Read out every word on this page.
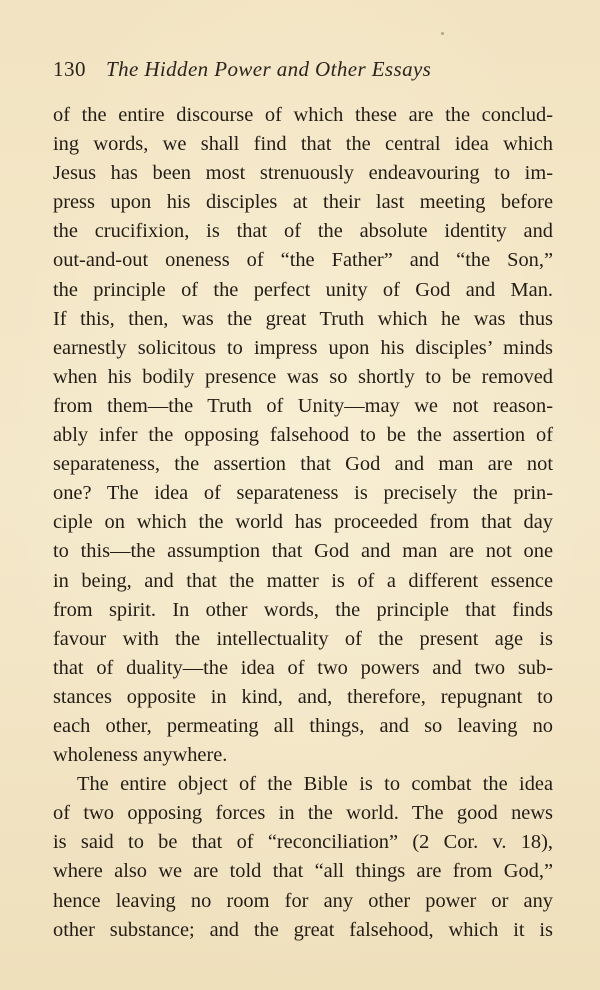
130 The Hidden Power and Other Essays
of the entire discourse of which these are the conclud-
ing words, we shall find that the central idea which
Jesus has been most strenuously endeavouring to im-
press upon his disciples at their last meeting before
the crucifixion, is that of the absolute identity and
out-and-out oneness of “the Father” and “the Son,”
the principle of the perfect unity of God and Man.
If this, then, was the great Truth which he was thus
earnestly solicitous to impress upon his disciples’ minds
when his bodily presence was so shortly to be removed
from them—the Truth of Unity—may we not reason-
ably infer the opposing falsehood to be the assertion of
separateness, the assertion that God and man are not
one? The idea of separateness is precisely the prin-
ciple on which the world has proceeded from that day
to this—the assumption that God and man are not one
in being, and that the matter is of a different essence
from spirit. In other words, the principle that finds
favour with the intellectuality of the present age is
that of duality—the idea of two powers and two sub-
stances opposite in kind, and, therefore, repugnant to
each other, permeating all things, and so leaving no
wholeness anywhere.
The entire object of the Bible is to combat the idea
of two opposing forces in the world. The good news
is said to be that of “reconciliation” (2 Cor. v. 18),
where also we are told that “all things are from God,”
hence leaving no room for any other power or any
other substance; and the great falsehood, which it is
